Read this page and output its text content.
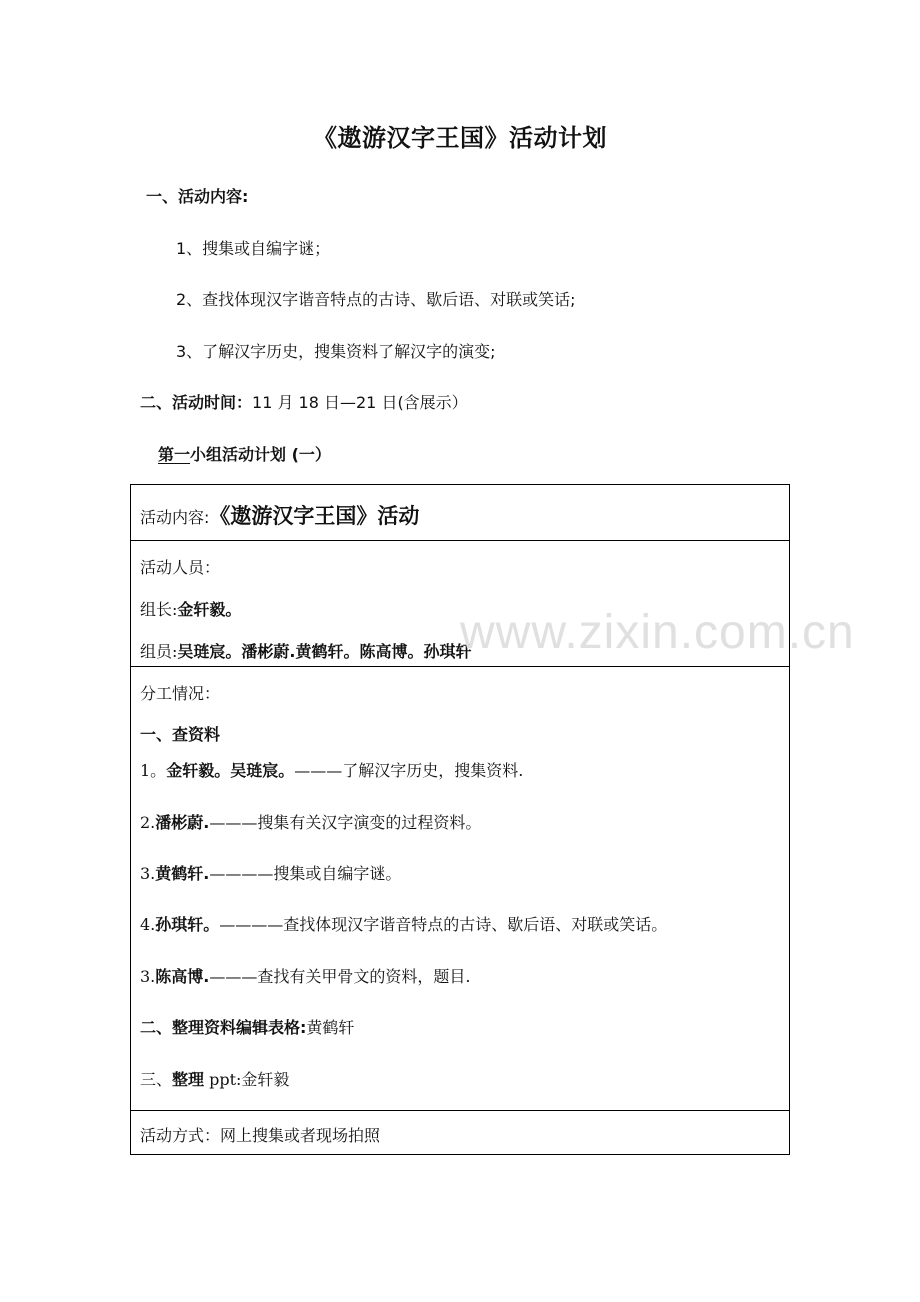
《遨游汉字王国》活动计划
一、活动内容:
1、搜集或自编字谜；
2、查找体现汉字谐音特点的古诗、歇后语、对联或笑话;
3、了解汉字历史，搜集资料了解汉字的演变;
二、活动时间：11 月 18 日—21 日(含展示）
第一小组活动计划 (一）
活动内容:《遨游汉字王国》活动
活动人员：
组长:金轩毅。
组员:吴琏宸。潘彬蔚.黄鹤轩。陈高博。孙琪轩
分工情况：
一、查资料
1。金轩毅。吴琏宸。———了解汉字历史，搜集资料.
2.潘彬蔚.———搜集有关汉字演变的过程资料。
3.黄鹤轩.————搜集或自编字谜。
4.孙琪轩。————查找体现汉字谐音特点的古诗、歇后语、对联或笑话。
3.陈高博.———查找有关甲骨文的资料，题目.
二、整理资料编辑表格:黄鹤轩
三、整理 ppt:金轩毅
活动方式：网上搜集或者现场拍照
www.zixin.com.cn
